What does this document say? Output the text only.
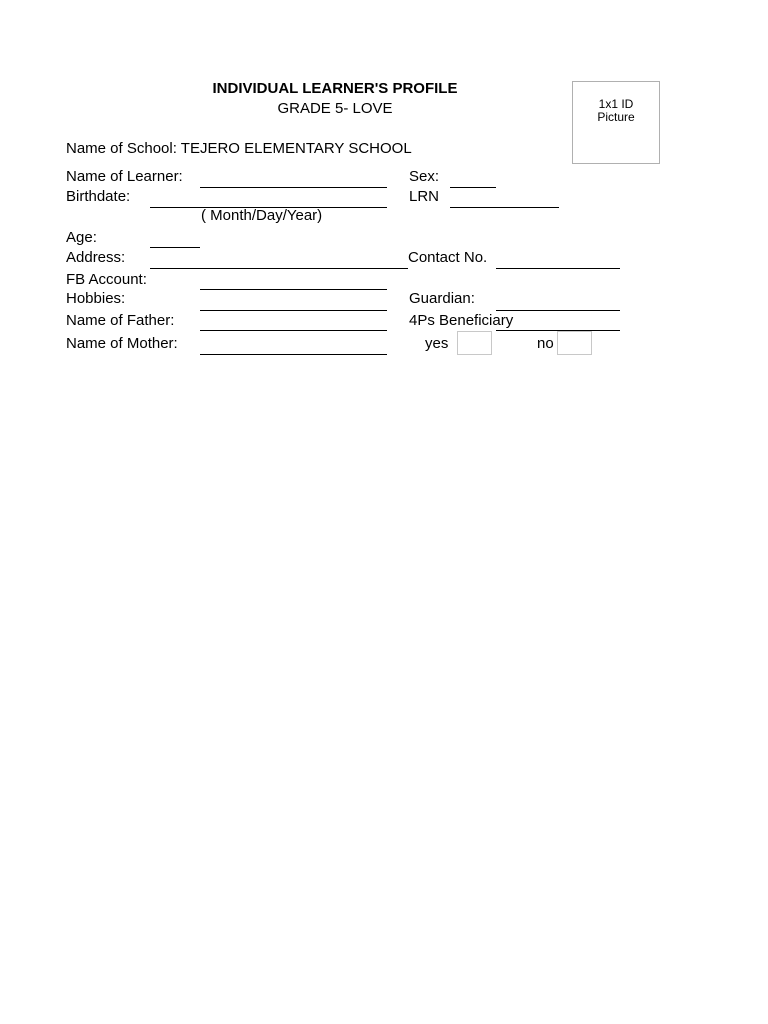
INDIVIDUAL LEARNER'S PROFILE
GRADE 5- LOVE	1x1 ID
Picture
Name of School: TEJERO ELEMENTARY SCHOOL
Name of Learner:	Sex:
Birthdate:	LRN
( Month/Day/Year)
Age:
Address:	Contact No.
FB Account:
Hobbies:	Guardian:
Name of Father:	4Ps Beneficiary
Name of Mother:	yes	no
